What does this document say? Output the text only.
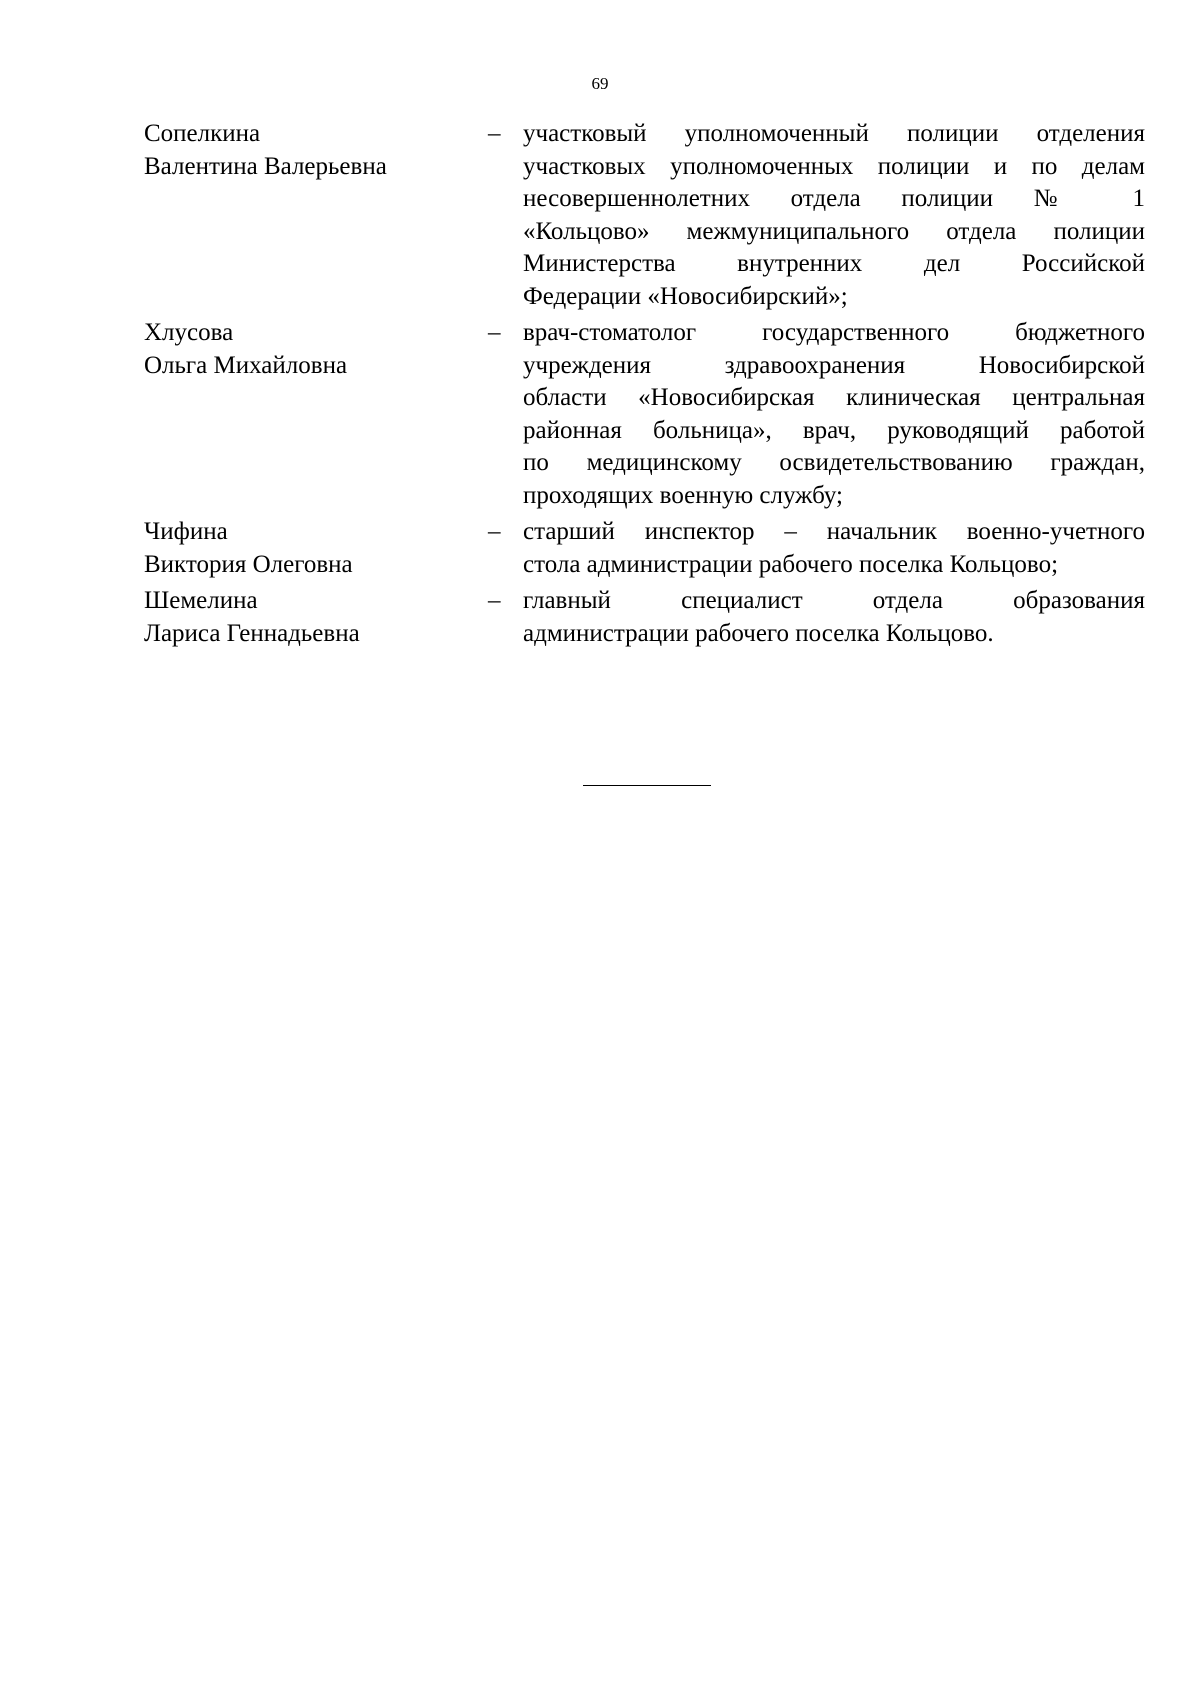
69
Сопелкина
Валентина Валерьевна
– участковый уполномоченный полиции отделения
участковых уполномоченных полиции и по делам
несовершеннолетних отдела полиции № 1
«Кольцово» межмуниципального отдела полиции
Министерства внутренних дел Российской
Федерации «Новосибирский»;
Хлусова
Ольга Михайловна
– врач-стоматолог государственного бюджетного
учреждения здравоохранения Новосибирской
области «Новосибирская клиническая центральная
районная больница», врач, руководящий работой
по медицинскому освидетельствованию граждан,
проходящих военную службу;
Чифина
Виктория Олеговна
– старший инспектор – начальник военно-учетного
стола администрации рабочего поселка Кольцово;
Шемелина
Лариса Геннадьевна
– главный специалист отдела образования
администрации рабочего поселка Кольцово.
